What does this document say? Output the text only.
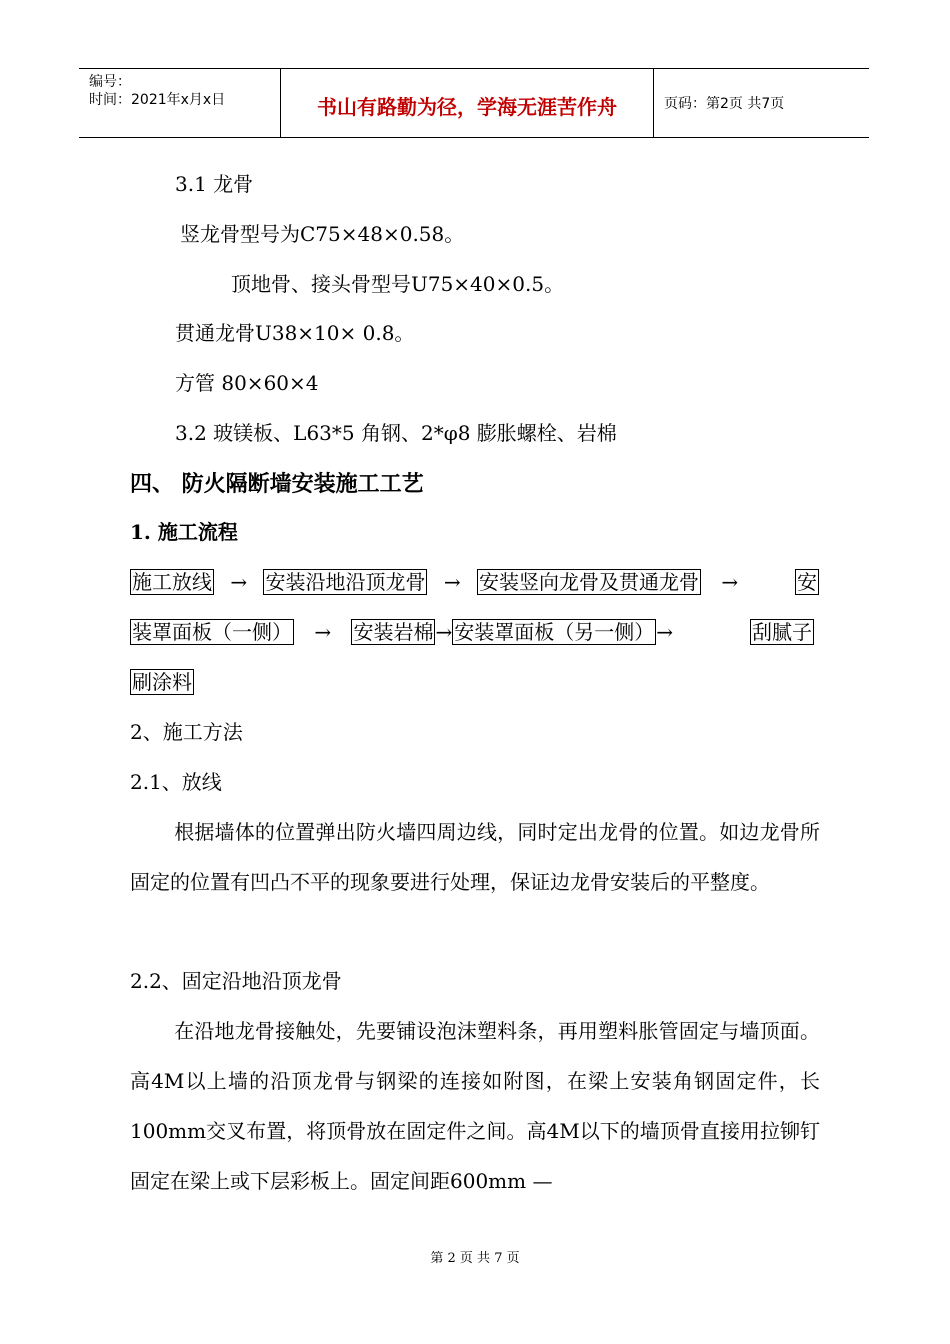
编号：
时间：2021年x月x日	书山有路勤为径，学海无涯苦作舟	页码：第2页 共7页
3.1 龙骨
竖龙骨型号为C75×48×0.58。
顶地骨、接头骨型号U75×40×0.5。
贯通龙骨U38×10× 0.8。
方管 80×60×4
3.2 玻镁板、L63*5 角钢、2*φ8 膨胀螺栓、岩棉
四、 防火隔断墙安装施工工艺
1. 施工流程
施工放线 → 安装沿地沿顶龙骨 → 安装竖向龙骨及贯通龙骨 →	安
装罩面板（一侧） → 安装岩棉 → 安装罩面板（另一侧） →	刮腻子
刷涂料
2、施工方法
2.1、放线
根据墙体的位置弹出防火墙四周边线，同时定出龙骨的位置。如边龙骨所固定的位置有凹凸不平的现象要进行处理，保证边龙骨安装后的平整度。
2.2、固定沿地沿顶龙骨
在沿地龙骨接触处，先要铺设泡沫塑料条，再用塑料胀管固定与墙顶面。高4M以上墙的沿顶龙骨与钢梁的连接如附图，在梁上安装角钢固定件，长100mm交叉布置，将顶骨放在固定件之间。高4M以下的墙顶骨直接用拉铆钉固定在梁上或下层彩板上。固定间距600mm —
第 2 页 共 7 页
